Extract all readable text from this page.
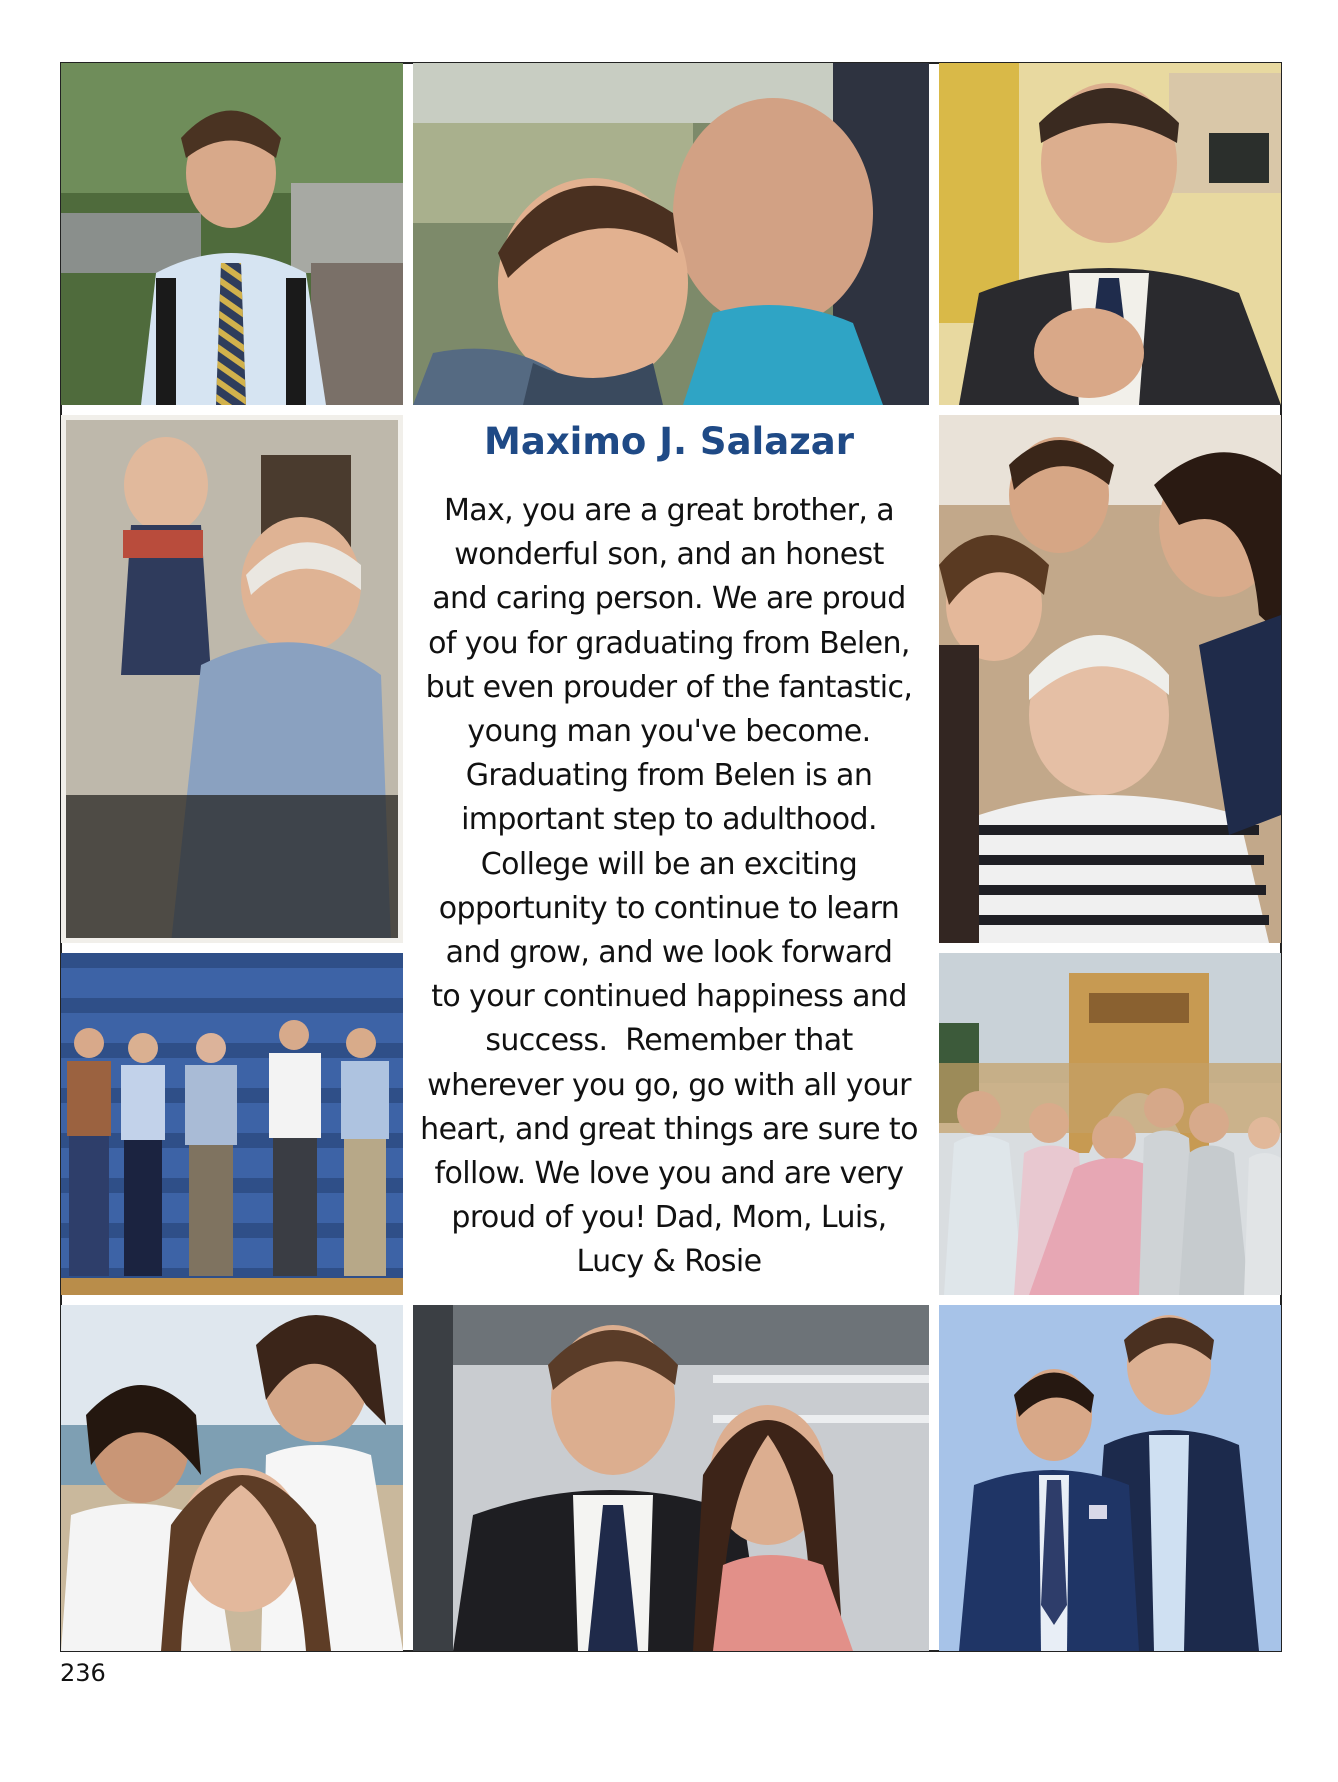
Maximo J. Salazar
Max, you are a great brother, a
wonderful son, and an honest
and caring person. We are proud
of you for graduating from Belen,
but even prouder of the fantastic,
young man you've become.
Graduating from Belen is an
important step to adulthood.
College will be an exciting
opportunity to continue to learn
and grow, and we look forward
to your continued happiness and
success.  Remember that
wherever you go, go with all your
heart, and great things are sure to
follow. We love you and are very
proud of you! Dad, Mom, Luis,
Lucy & Rosie
236
